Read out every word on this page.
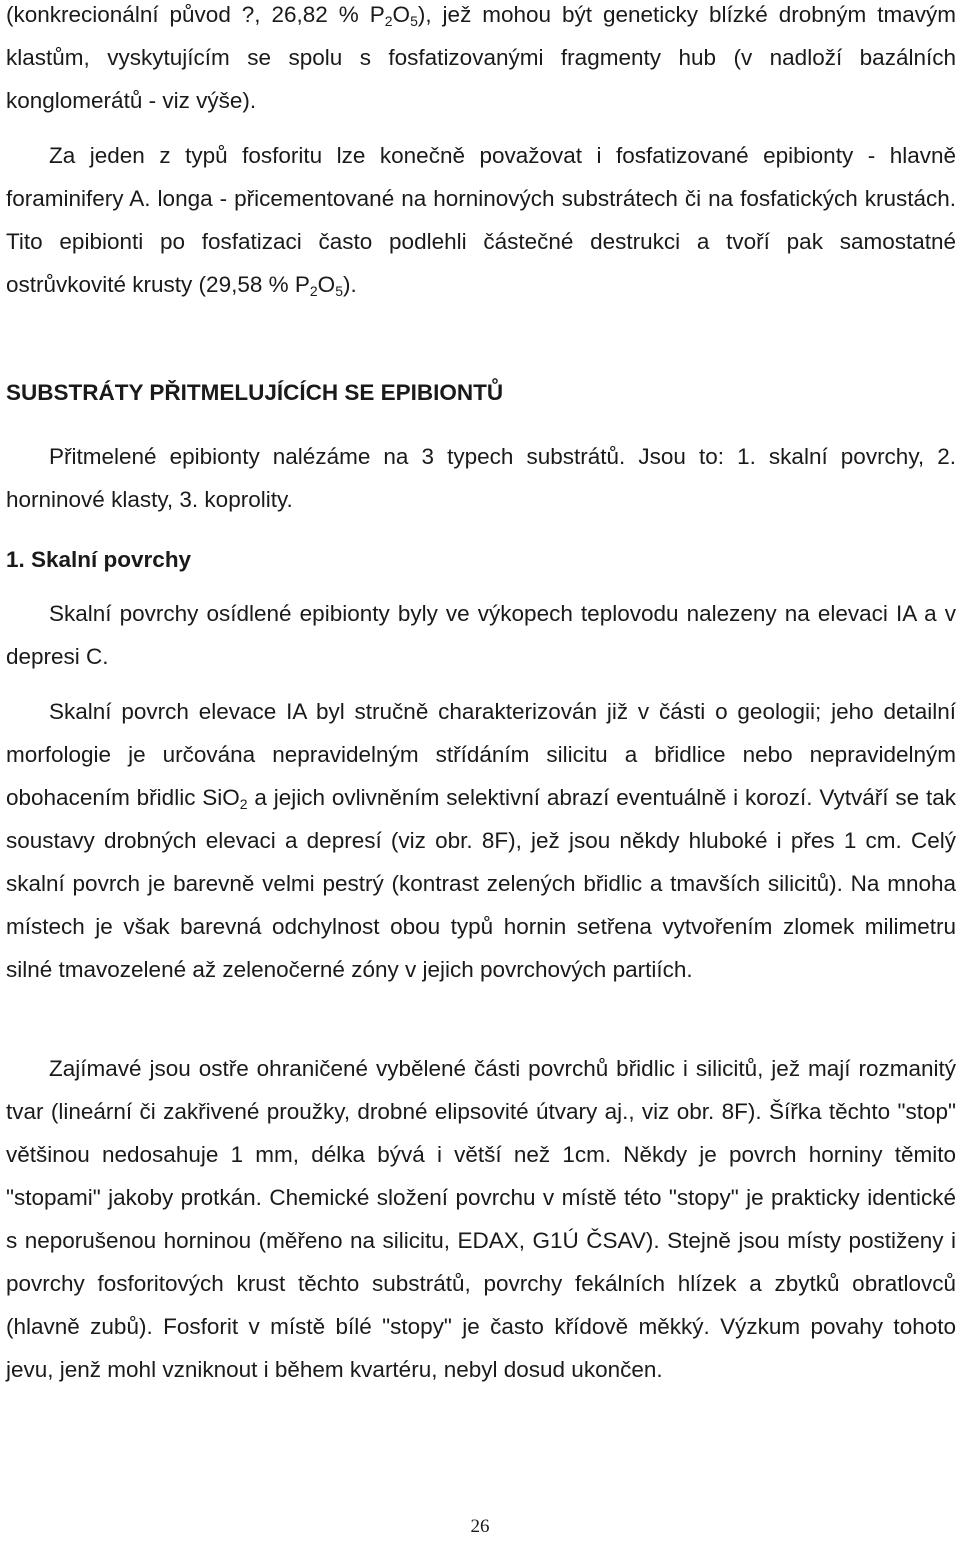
(konkrecionální původ ?, 26,82 % $P_2O_5$), jež mohou být geneticky blízké drobným tmavým klastům, vyskytujícím se spolu s fosfatizovanými fragmenty hub (v nadloží bazálních konglomerátů - viz výše).

Za jeden z typů fosforitu lze konečně považovat i fosfatizované epibionty - hlavně foraminifery A. longa - přicementované na horninových substrátech či na fosfatických krustách. Tito epibionti po fosfatizaci často podlehli částečné destrukci a tvoří pak samostatné ostrůvkovité krusty (29,58 % $P_2O_5$).

SUBSTRÁTY PŘITMELUJÍCÍCH SE EPIBIONTŮ

Přitmelené epibionty nalézáme na 3 typech substrátů. Jsou to: 1. skalní povrchy, 2. horninové klasty, 3. koprolity.

1. Skalní povrchy

Skalní povrchy osídlené epibionty byly ve výkopech teplovodu nalezeny na elevaci IA a v depresi C.

Skalní povrch elevace IA byl stručně charakterizován již v části o geologii; jeho detailní morfologie je určována nepravidelným střídáním silicitu a břidlice nebo nepravidelným obohacením břidlic SiO$_2$ a jejich ovlivněním selektivní abrazí eventuálně i korozí. Vytváří se tak soustavy drobných elevaci a depresí (viz obr. 8F), jež jsou někdy hluboké i přes 1 cm. Celý skalní povrch je barevně velmi pestrý (kontrast zelených břidlic a tmavších silicitů). Na mnoha místech je však barevná odchylnost obou typů hornin setřena vytvořením zlomek milimetru silné tmavozelené až zelenočerné zóny v jejich povrchových partiích.

Zajímavé jsou ostře ohraničené vybělené části povrchů břidlic i silicitů, jež mají rozmanitý tvar (lineární či zakřivené proužky, drobné elipsovité útvary aj., viz obr. 8F). Šířka těchto "stop" většinou nedosahuje 1 mm, délka bývá i větší než 1cm. Někdy je povrch horniny těmito "stopami" jakoby protkán. Chemické složení povrchu v místě této "stopy" je prakticky identické s neporušenou horninou (měřeno na silicitu, EDAX, G1Ú ČSAV). Stejně jsou místy postiženy i povrchy fosforitových krust těchto substrátů, povrchy fekálních hlízek a zbytků obratlovců (hlavně zubů). Fosforit v místě bílé "stopy" je často křídově měkký. Výzkum povahy tohoto jevu, jenž mohl vzniknout i během kvartéru, nebyl dosud ukončen.

26
